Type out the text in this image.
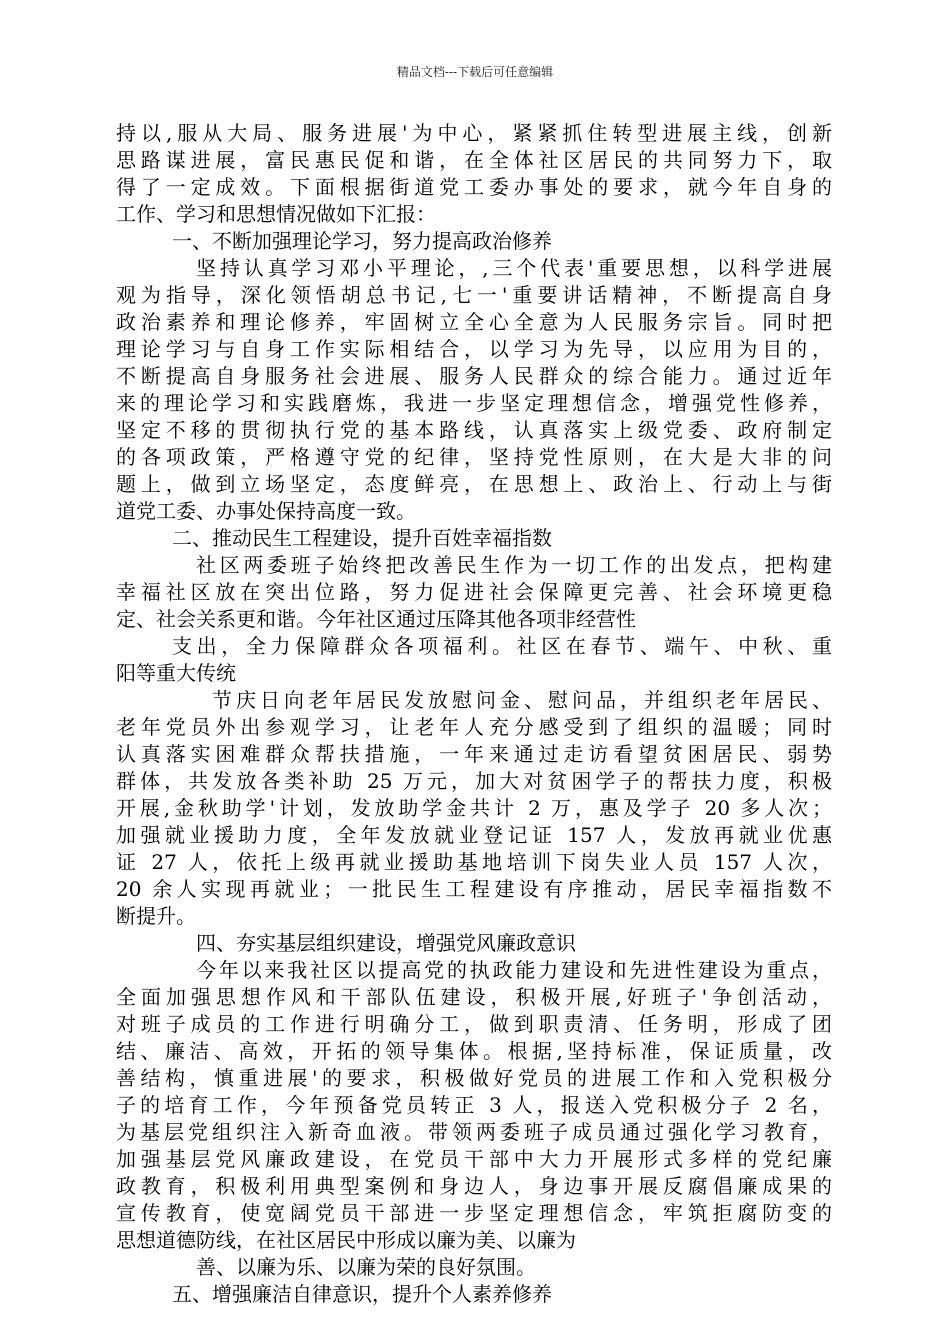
精品文档---下载后可任意编辑
持以,服从大局、服务进展'为中心，紧紧抓住转型进展主线，创新
思路谋进展，富民惠民促和谐，在全体社区居民的共同努力下，取
得了一定成效。下面根据街道党工委办事处的要求，就今年自身的
工作、学习和思想情况做如下汇报：
一、不断加强理论学习，努力提高政治修养
坚持认真学习邓小平理论，,三个代表'重要思想，以科学进展
观为指导，深化领悟胡总书记,七一'重要讲话精神，不断提高自身
政治素养和理论修养，牢固树立全心全意为人民服务宗旨。同时把
理论学习与自身工作实际相结合，以学习为先导，以应用为目的，
不断提高自身服务社会进展、服务人民群众的综合能力。通过近年
来的理论学习和实践磨炼，我进一步坚定理想信念，增强党性修养，
坚定不移的贯彻执行党的基本路线，认真落实上级党委、政府制定
的各项政策，严格遵守党的纪律，坚持党性原则，在大是大非的问
题上，做到立场坚定，态度鲜亮，在思想上、政治上、行动上与街
道党工委、办事处保持高度一致。
二、推动民生工程建设，提升百姓幸福指数
社区两委班子始终把改善民生作为一切工作的出发点，把构建
幸福社区放在突出位路，努力促进社会保障更完善、社会环境更稳
定、社会关系更和谐。今年社区通过压降其他各项非经营性
支出，全力保障群众各项福利。社区在春节、端午、中秋、重
阳等重大传统
节庆日向老年居民发放慰问金、慰问品，并组织老年居民、
老年党员外出参观学习，让老年人充分感受到了组织的温暖；同时
认真落实困难群众帮扶措施，一年来通过走访看望贫困居民、弱势
群体，共发放各类补助 25 万元，加大对贫困学子的帮扶力度，积极
开展,金秋助学'计划，发放助学金共计 2 万，惠及学子 20 多人次；
加强就业援助力度，全年发放就业登记证 157 人，发放再就业优惠
证 27 人，依托上级再就业援助基地培训下岗失业人员 157 人次，
20 余人实现再就业；一批民生工程建设有序推动，居民幸福指数不
断提升。
四、夯实基层组织建设，增强党风廉政意识
今年以来我社区以提高党的执政能力建设和先进性建设为重点，
全面加强思想作风和干部队伍建设，积极开展,好班子'争创活动，
对班子成员的工作进行明确分工，做到职责清、任务明，形成了团
结、廉洁、高效，开拓的领导集体。根据,坚持标准，保证质量，改
善结构，慎重进展'的要求，积极做好党员的进展工作和入党积极分
子的培育工作，今年预备党员转正 3 人，报送入党积极分子 2 名，
为基层党组织注入新奇血液。带领两委班子成员通过强化学习教育，
加强基层党风廉政建设，在党员干部中大力开展形式多样的党纪廉
政教育，积极利用典型案例和身边人，身边事开展反腐倡廉成果的
宣传教育，使宽阔党员干部进一步坚定理想信念，牢筑拒腐防变的
思想道德防线，在社区居民中形成以廉为美、以廉为
善、以廉为乐、以廉为荣的良好氛围。
五、增强廉洁自律意识，提升个人素养修养
